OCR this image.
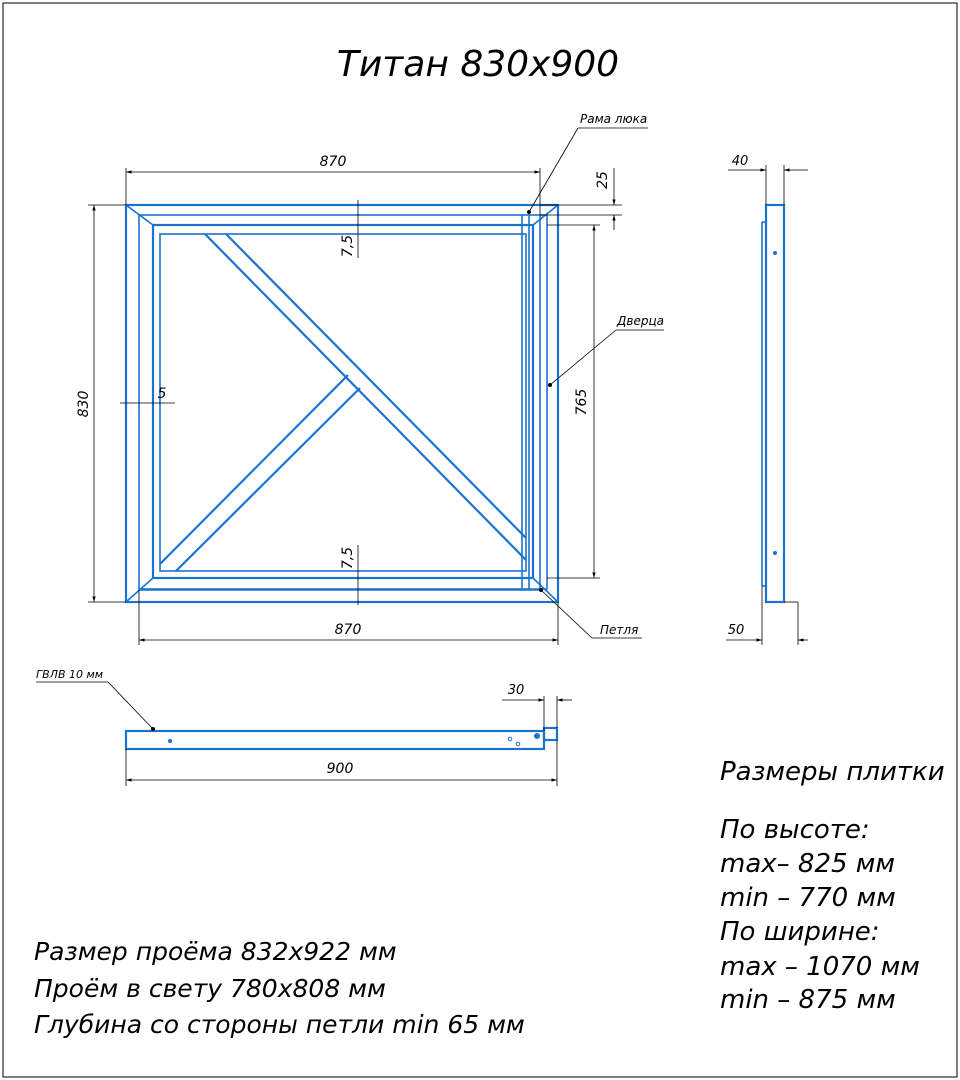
Титан 830х900
870
830	5
7,5
7,5
765
25
870
Рама люка
Дверца
Петля
40
50
ГВЛВ 10 мм
30
900	Размеры плитки
По высоте:
max– 825 мм
min – 770 мм
По ширине:
max – 1070 мм
min – 875 мм
Размер проёма 832х922 мм
Проём в свету 780х808 мм
Глубина со стороны петли min 65 мм
